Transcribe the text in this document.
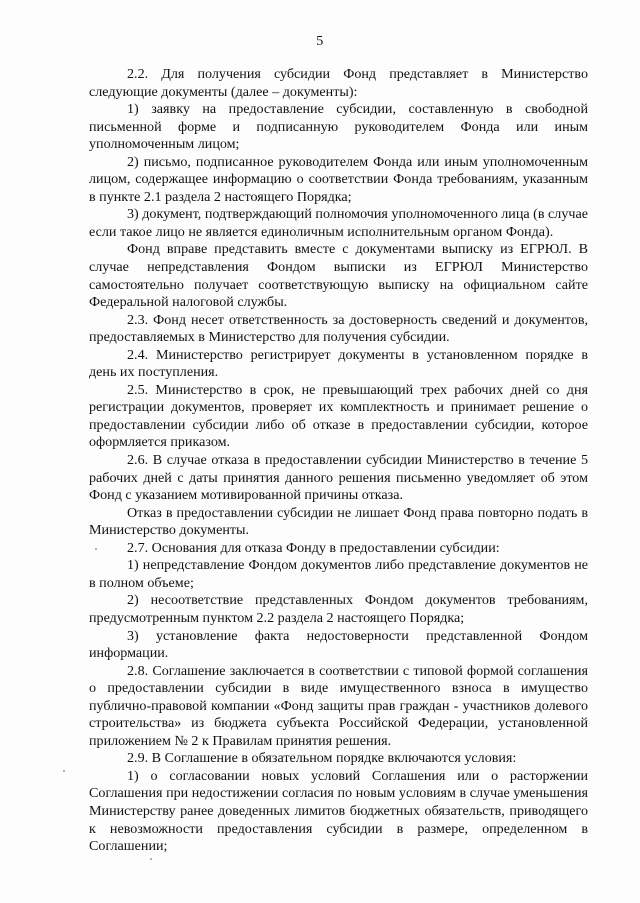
5

2.2. Для получения субсидии Фонд представляет в Министерство следующие документы (далее – документы):

1) заявку на предоставление субсидии, составленную в свободной письменной форме и подписанную руководителем Фонда или иным уполномоченным лицом;

2) письмо, подписанное руководителем Фонда или иным уполномоченным лицом, содержащее информацию о соответствии Фонда требованиям, указанным в пункте 2.1 раздела 2 настоящего Порядка;

3) документ, подтверждающий полномочия уполномоченного лица (в случае если такое лицо не является единоличным исполнительным органом Фонда).

Фонд вправе представить вместе с документами выписку из ЕГРЮЛ. В случае непредставления Фондом выписки из ЕГРЮЛ Министерство самостоятельно получает соответствующую выписку на официальном сайте Федеральной налоговой службы.

2.3. Фонд несет ответственность за достоверность сведений и документов, предоставляемых в Министерство для получения субсидии.

2.4. Министерство регистрирует документы в установленном порядке в день их поступления.

2.5. Министерство в срок, не превышающий трех рабочих дней со дня регистрации документов, проверяет их комплектность и принимает решение о предоставлении субсидии либо об отказе в предоставлении субсидии, которое оформляется приказом.

2.6. В случае отказа в предоставлении субсидии Министерство в течение 5 рабочих дней с даты принятия данного решения письменно уведомляет об этом Фонд с указанием мотивированной причины отказа.

Отказ в предоставлении субсидии не лишает Фонд права повторно подать в Министерство документы.

2.7. Основания для отказа Фонду в предоставлении субсидии:

1) непредставление Фондом документов либо представление документов не в полном объеме;

2) несоответствие представленных Фондом документов требованиям, предусмотренным пунктом 2.2 раздела 2 настоящего Порядка;

3) установление факта недостоверности представленной Фондом информации.

2.8. Соглашение заключается в соответствии с типовой формой соглашения о предоставлении субсидии в виде имущественного взноса в имущество публично-правовой компании «Фонд защиты прав граждан - участников долевого строительства» из бюджета субъекта Российской Федерации, установленной приложением № 2 к Правилам принятия решения.

2.9. В Соглашение в обязательном порядке включаются условия:

1) о согласовании новых условий Соглашения или о расторжении Соглашения при недостижении согласия по новым условиям в случае уменьшения Министерству ранее доведенных лимитов бюджетных обязательств, приводящего к невозможности предоставления субсидии в размере, определенном в Соглашении;
